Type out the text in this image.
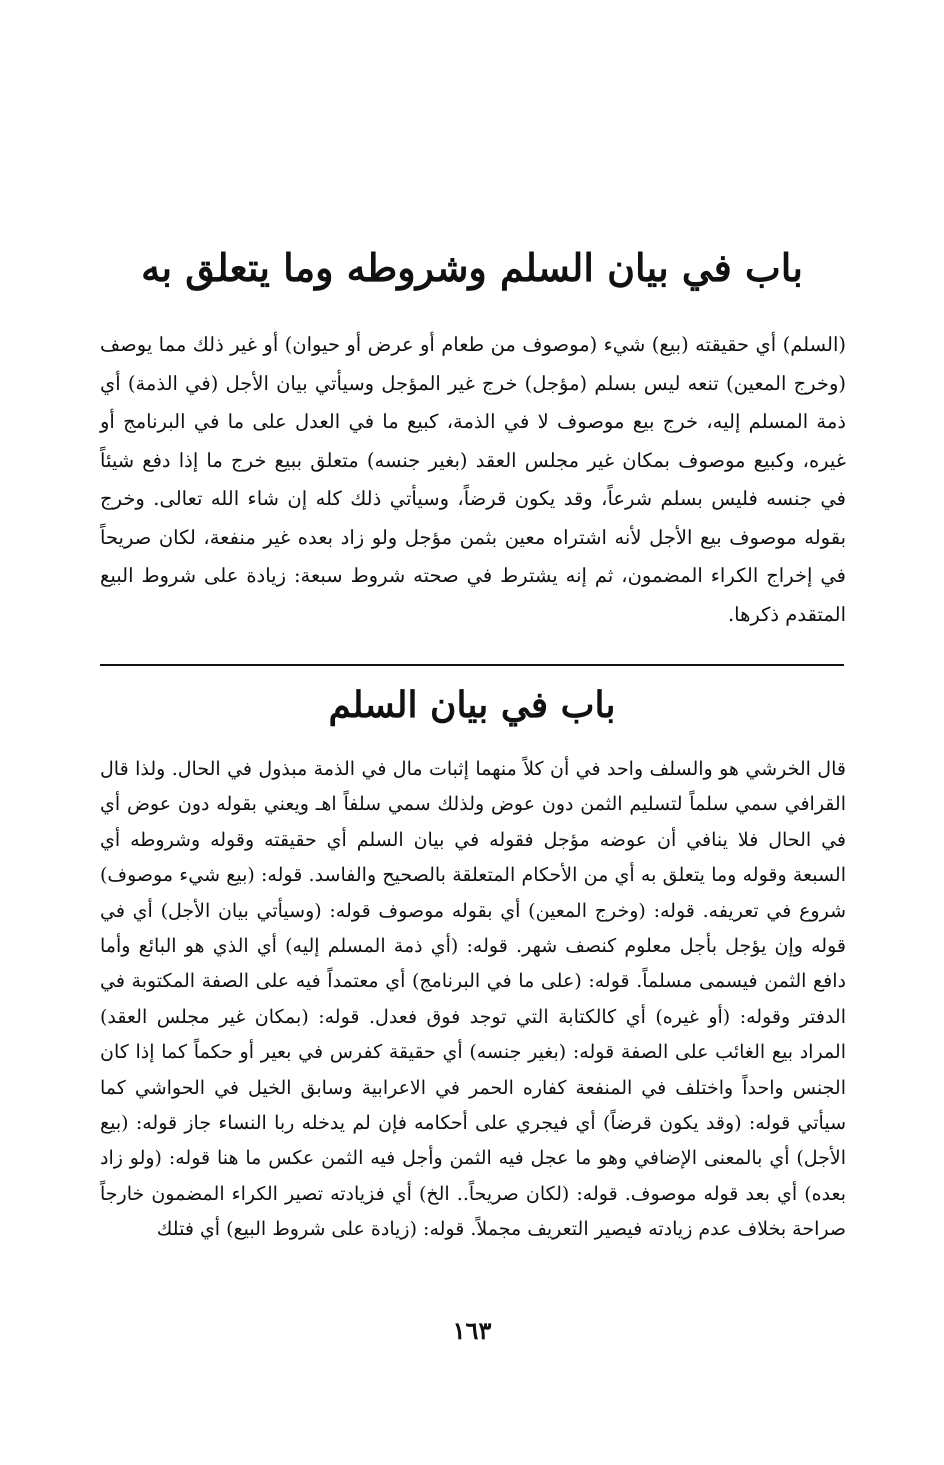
باب في بيان السلم وشروطه وما يتعلق به
(السلم) أي حقيقته (بيع) شيء (موصوف من طعام أو عرض أو حيوان) أو غير ذلك مما يوصف (وخرج المعين) تنعه ليس بسلم (مؤجل) خرج غير المؤجل وسيأتي بيان الأجل (في الذمة) أي ذمة المسلم إليه، خرج بيع موصوف لا في الذمة، كبيع ما في العدل على ما في البرنامج أو غيره، وكبيع موصوف بمكان غير مجلس العقد (بغير جنسه) متعلق ببيع خرج ما إذا دفع شيئاً في جنسه فليس بسلم شرعاً، وقد يكون قرضاً، وسيأتي ذلك كله إن شاء الله تعالى. وخرج بقوله موصوف بيع الأجل لأنه اشتراه معين بثمن مؤجل ولو زاد بعده غير منفعة، لكان صريحاً في إخراج الكراء المضمون، ثم إنه يشترط في صحته شروط سبعة: زيادة على شروط البيع المتقدم ذكرها.
باب في بيان السلم
قال الخرشي هو والسلف واحد في أن كلاً منهما إثبات مال في الذمة مبذول في الحال. ولذا قال القرافي سمي سلماً لتسليم الثمن دون عوض ولذلك سمي سلفاً اهـ ويعني بقوله دون عوض أي في الحال فلا ينافي أن عوضه مؤجل فقوله في بيان السلم أي حقيقته وقوله وشروطه أي السبعة وقوله وما يتعلق به أي من الأحكام المتعلقة بالصحيح والفاسد. قوله: (بيع شيء موصوف) شروع في تعريفه. قوله: (وخرج المعين) أي بقوله موصوف قوله: (وسيأتي بيان الأجل) أي في قوله وإن يؤجل بأجل معلوم كنصف شهر. قوله: (أي ذمة المسلم إليه) أي الذي هو البائع وأما دافع الثمن فيسمى مسلماً. قوله: (على ما في البرنامج) أي معتمداً فيه على الصفة المكتوبة في الدفتر وقوله: (أو غيره) أي كالكتابة التي توجد فوق فعدل. قوله: (بمكان غير مجلس العقد) المراد بيع الغائب على الصفة قوله: (بغير جنسه) أي حقيقة كفرس في بعير أو حكماً كما إذا كان الجنس واحداً واختلف في المنفعة كفاره الحمر في الاعرابية وسابق الخيل في الحواشي كما سيأتي قوله: (وقد يكون قرضاً) أي فيجري على أحكامه فإن لم يدخله ربا النساء جاز قوله: (بيع الأجل) أي بالمعنى الإضافي وهو ما عجل فيه الثمن وأجل فيه الثمن عكس ما هنا قوله: (ولو زاد بعده) أي بعد قوله موصوف. قوله: (لكان صريحاً.. الخ) أي فزيادته تصير الكراء المضمون خارجاً صراحة بخلاف عدم زيادته فيصير التعريف مجملاً. قوله: (زيادة على شروط البيع) أي فتلك
١٦٣
